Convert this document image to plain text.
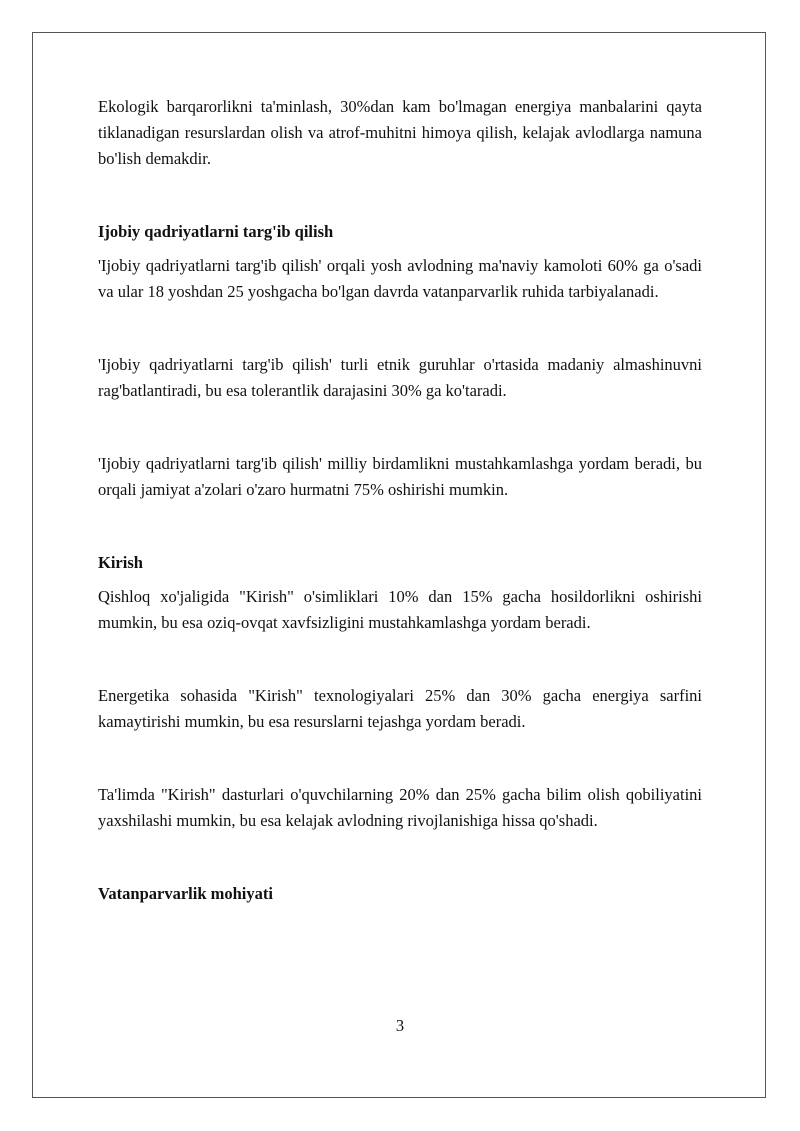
Ekologik barqarorlikni ta'minlash, 30%dan kam bo'lmagan energiya manbalarini qayta tiklanadigan resurslardan olish va atrof-muhitni himoya qilish, kelajak avlodlarga namuna bo'lish demakdir.

Ijobiy qadriyatlarni targ'ib qilish

'Ijobiy qadriyatlarni targ'ib qilish' orqali yosh avlodning ma'naviy kamoloti 60% ga o'sadi va ular 18 yoshdan 25 yoshgacha bo'lgan davrda vatanparvarlik ruhida tarbiyalanadi.

'Ijobiy qadriyatlarni targ'ib qilish' turli etnik guruhlar o'rtasida madaniy almashinuvni rag'batlantiradi, bu esa tolerantlik darajasini 30% ga ko'taradi.

'Ijobiy qadriyatlarni targ'ib qilish' milliy birdamlikni mustahkamlashga yordam beradi, bu orqali jamiyat a'zolari o'zaro hurmatni 75% oshirishi mumkin.

Kirish

Qishloq xo'jaligida "Kirish" o'simliklari 10% dan 15% gacha hosildorlikni oshirishi mumkin, bu esa oziq-ovqat xavfsizligini mustahkamlashga yordam beradi.

Energetika sohasida "Kirish" texnologiyalari 25% dan 30% gacha energiya sarfini kamaytirishi mumkin, bu esa resurslarni tejashga yordam beradi.

Ta'limda "Kirish" dasturlari o'quvchilarning 20% dan 25% gacha bilim olish qobiliyatini yaxshilashi mumkin, bu esa kelajak avlodning rivojlanishiga hissa qo'shadi.

Vatanparvarlik mohiyati
3
